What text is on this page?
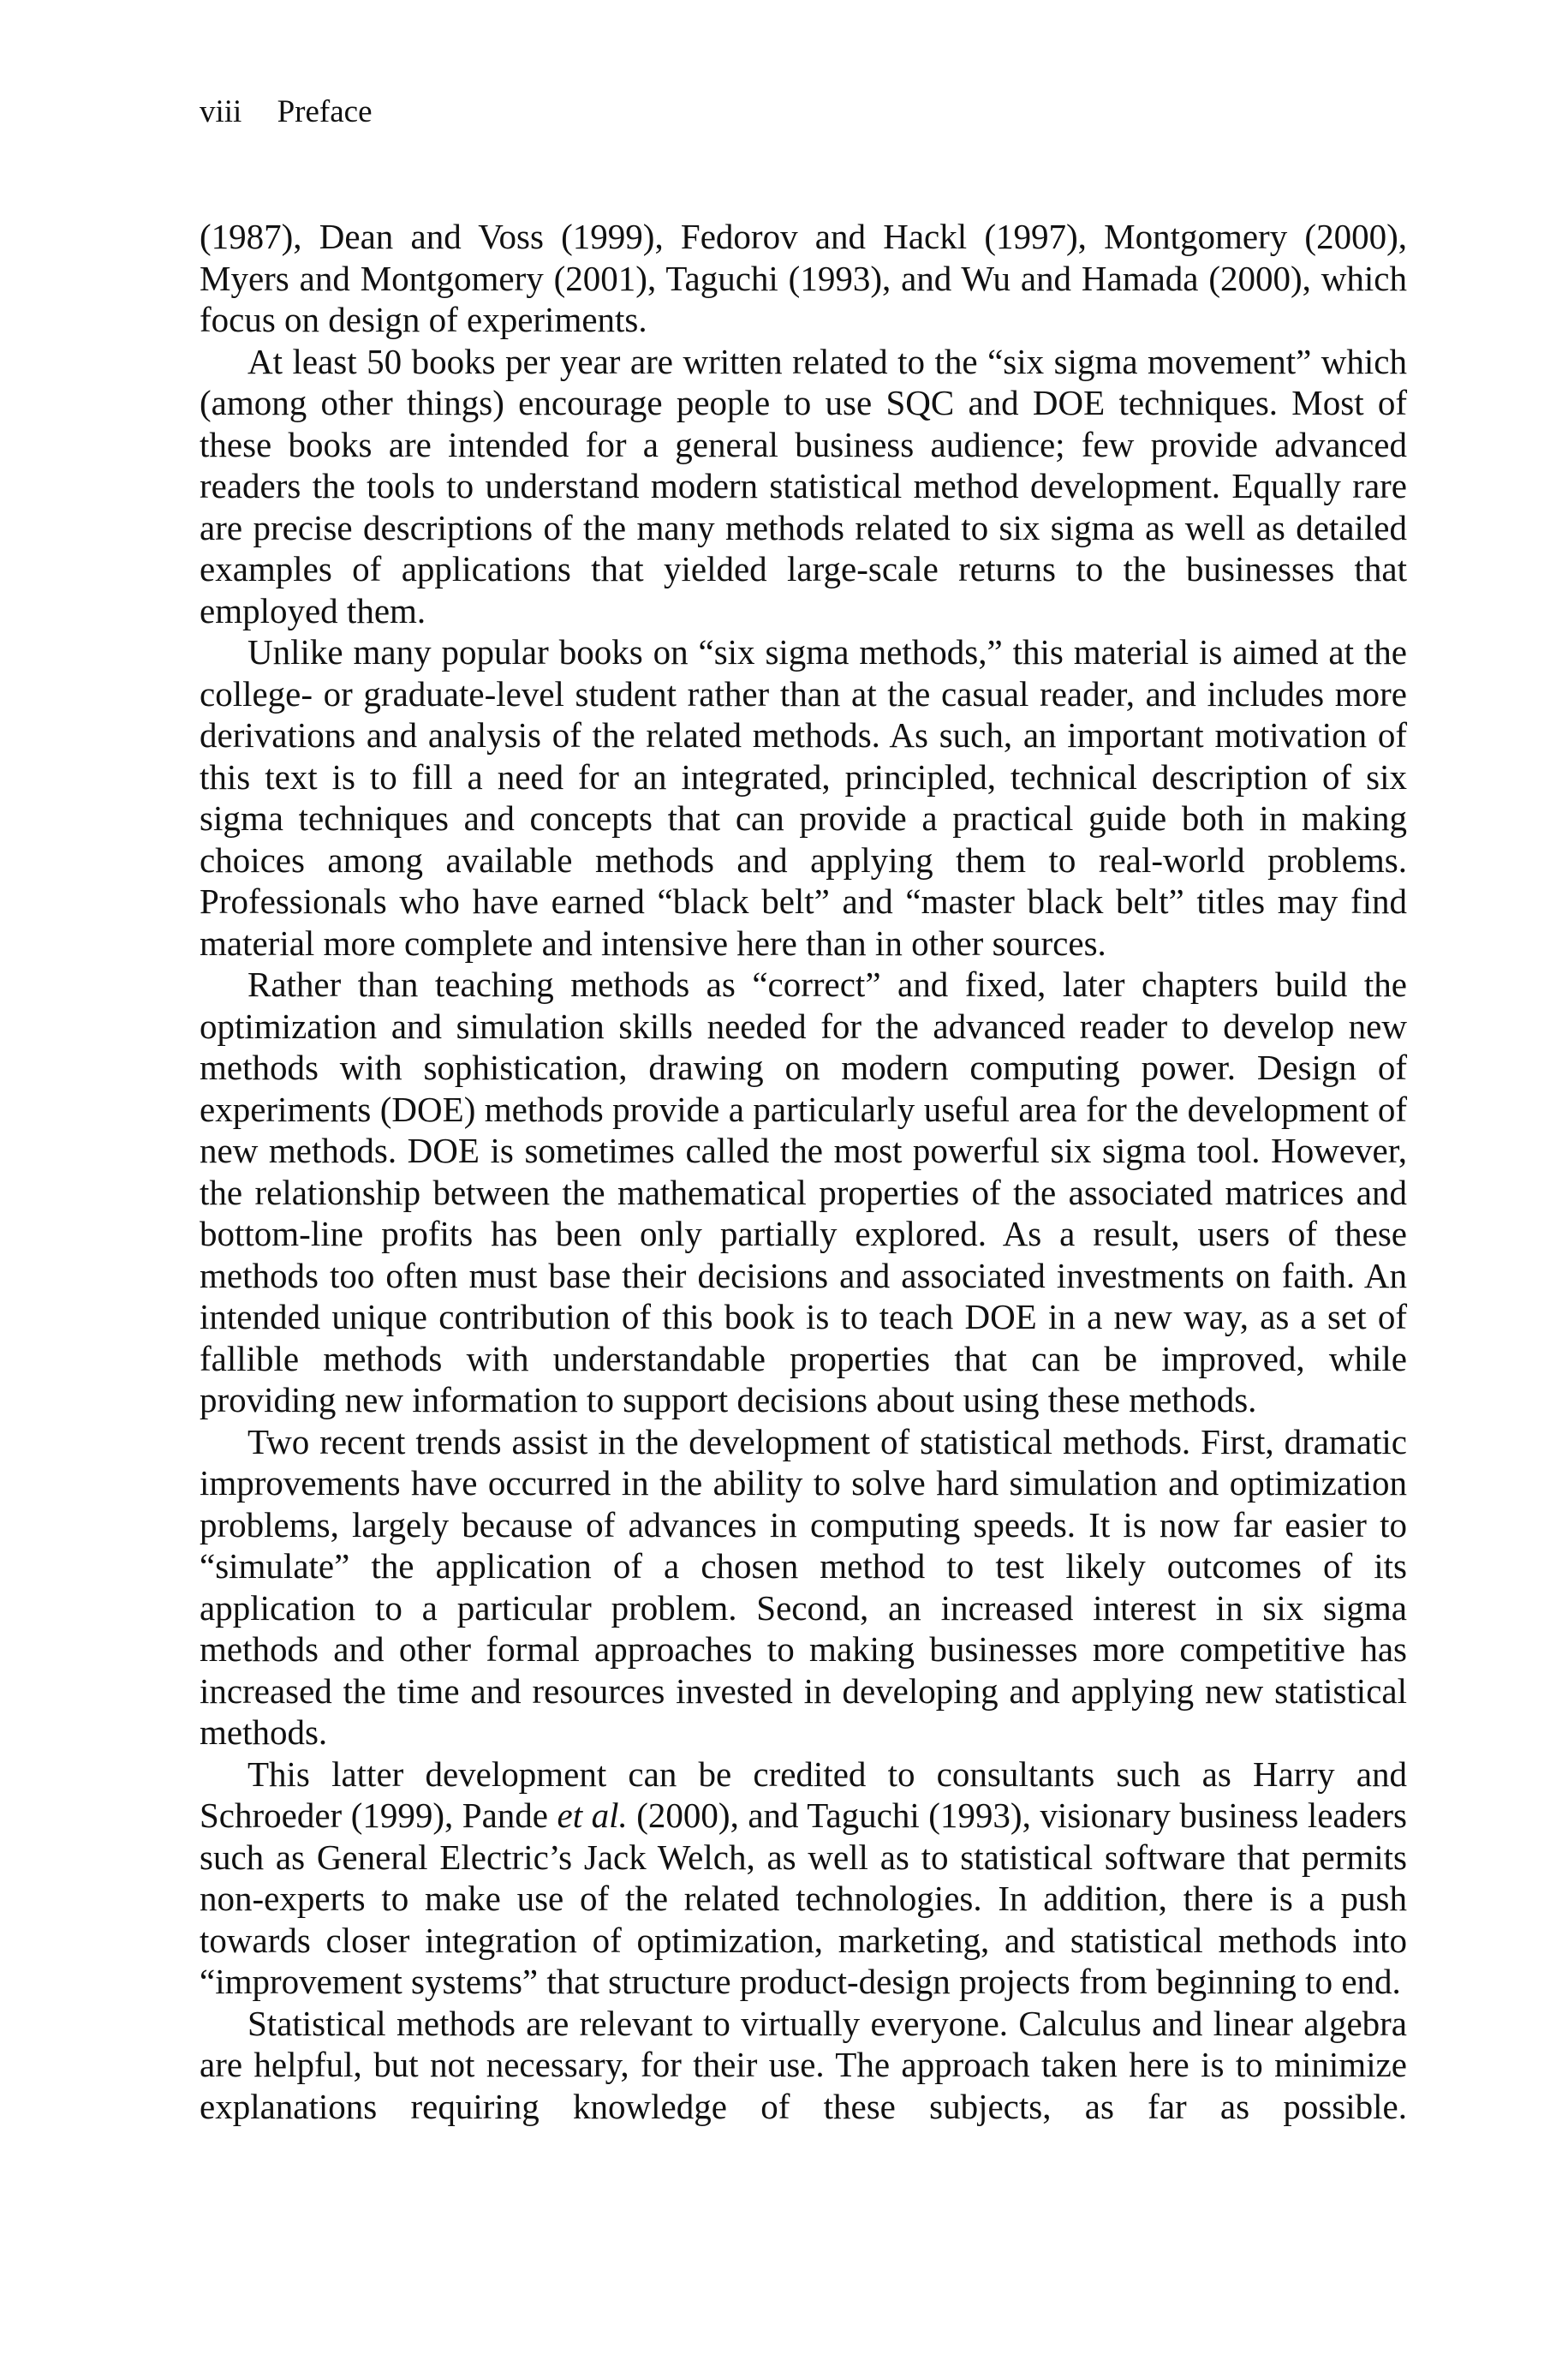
viii Preface

(1987), Dean and Voss (1999), Fedorov and Hackl (1997), Montgomery (2000), Myers and Montgomery (2001), Taguchi (1993), and Wu and Hamada (2000), which focus on design of experiments.

At least 50 books per year are written related to the “six sigma movement” which (among other things) encourage people to use SQC and DOE techniques. Most of these books are intended for a general business audience; few provide advanced readers the tools to understand modern statistical method development. Equally rare are precise descriptions of the many methods related to six sigma as well as detailed examples of applications that yielded large-scale returns to the businesses that employed them.

Unlike many popular books on “six sigma methods,” this material is aimed at the college- or graduate-level student rather than at the casual reader, and includes more derivations and analysis of the related methods. As such, an important motivation of this text is to fill a need for an integrated, principled, technical description of six sigma techniques and concepts that can provide a practical guide both in making choices among available methods and applying them to real-world problems. Professionals who have earned “black belt” and “master black belt” titles may find material more complete and intensive here than in other sources.

Rather than teaching methods as “correct” and fixed, later chapters build the optimization and simulation skills needed for the advanced reader to develop new methods with sophistication, drawing on modern computing power. Design of experiments (DOE) methods provide a particularly useful area for the development of new methods. DOE is sometimes called the most powerful six sigma tool. However, the relationship between the mathematical properties of the associated matrices and bottom-line profits has been only partially explored. As a result, users of these methods too often must base their decisions and associated investments on faith. An intended unique contribution of this book is to teach DOE in a new way, as a set of fallible methods with understandable properties that can be improved, while providing new information to support decisions about using these methods.

Two recent trends assist in the development of statistical methods. First, dramatic improvements have occurred in the ability to solve hard simulation and optimization problems, largely because of advances in computing speeds. It is now far easier to “simulate” the application of a chosen method to test likely outcomes of its application to a particular problem. Second, an increased interest in six sigma methods and other formal approaches to making businesses more competitive has increased the time and resources invested in developing and applying new statistical methods.

This latter development can be credited to consultants such as Harry and Schroeder (1999), Pande et al. (2000), and Taguchi (1993), visionary business leaders such as General Electric’s Jack Welch, as well as to statistical software that permits non-experts to make use of the related technologies. In addition, there is a push towards closer integration of optimization, marketing, and statistical methods into “improvement systems” that structure product-design projects from beginning to end.

Statistical methods are relevant to virtually everyone. Calculus and linear algebra are helpful, but not necessary, for their use. The approach taken here is to minimize explanations requiring knowledge of these subjects, as far as possible.
